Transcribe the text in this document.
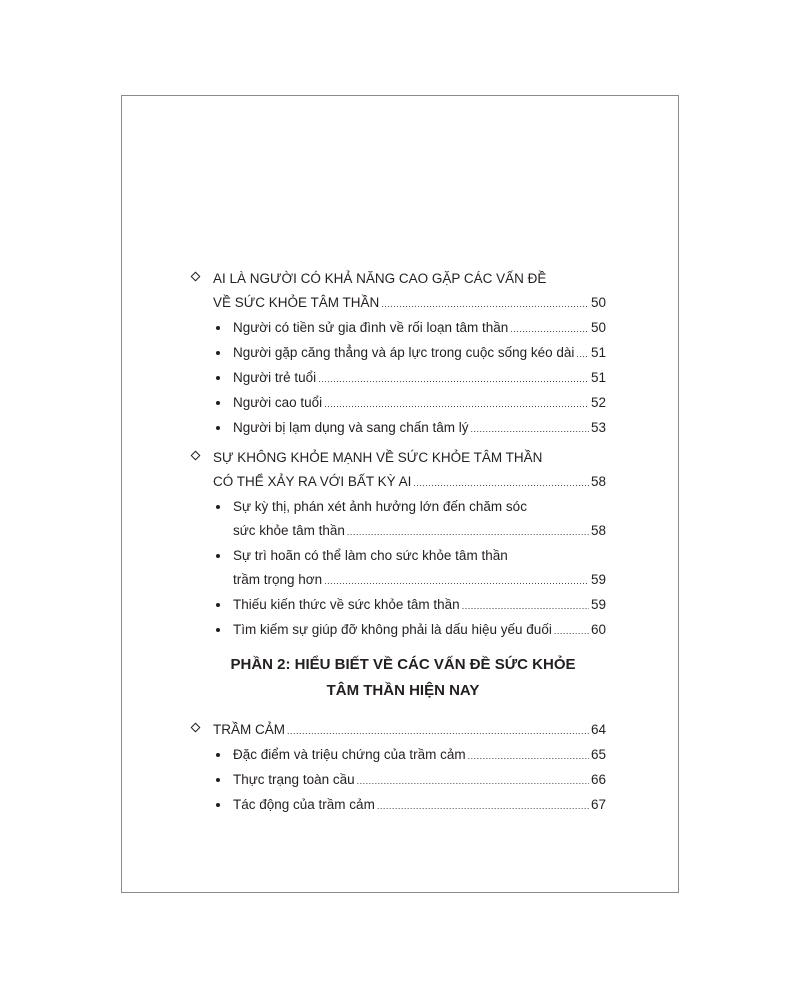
AI LÀ NGƯỜI CÓ KHẢ NĂNG CAO GẶP CÁC VẤN ĐỀ
VỀ SỨC KHỎE TÂM THẦN .....	50
Người có tiền sử gia đình về rối loạn tâm thần .....	50
Người gặp căng thẳng và áp lực trong cuộc sống kéo dài ..... 51
Người trẻ tuổi .....	51
Người cao tuổi .....	52
Người bị lạm dụng và sang chấn tâm lý .....	53
SỰ KHÔNG KHỎE MẠNH VỀ SỨC KHỎE TÂM THẦN
CÓ THỂ XẢY RA VỚI BẤT KỲ AI .....	58
Sự kỳ thị, phán xét ảnh hưởng lớn đến chăm sóc
sức khỏe tâm thần .....	58
Sự trì hoãn có thể làm cho sức khỏe tâm thần
trầm trọng hơn .....	59
Thiếu kiến thức về sức khỏe tâm thần .....	59
Tìm kiếm sự giúp đỡ không phải là dấu hiệu yếu đuối .....	60
PHẦN 2: HIỂU BIẾT VỀ CÁC VẤN ĐỀ SỨC KHỎE
TÂM THẦN HIỆN NAY
TRẦM CẢM .....	64
Đặc điểm và triệu chứng của trầm cảm .....	65
Thực trạng toàn cầu .....	66
Tác động của trầm cảm .....	67
